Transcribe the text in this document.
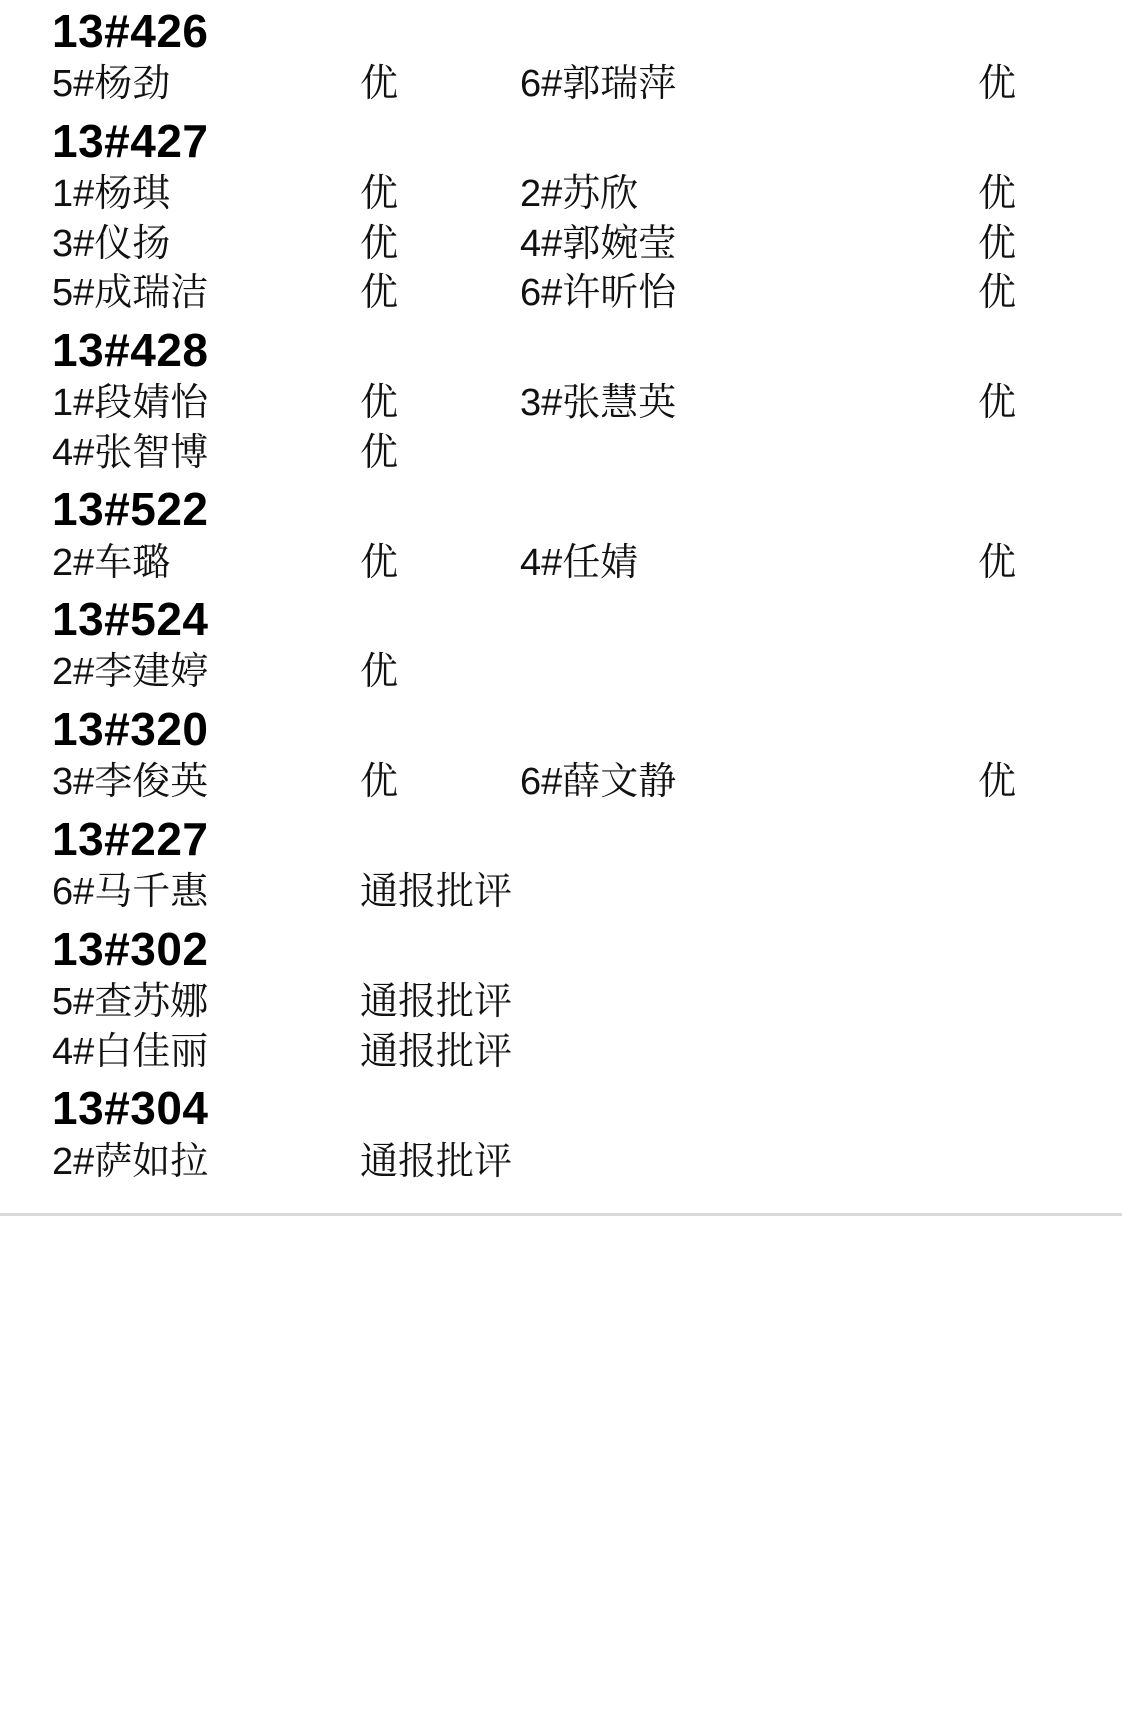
13#426
5#杨劲	优	6#郭瑞萍	优
13#427
1#杨琪	优	2#苏欣	优
3#仪扬	优	4#郭婉莹	优
5#成瑞洁	优	6#许昕怡	优
13#428
1#段婧怡	优	3#张慧英	优
4#张智博	优
13#522
2#车璐	优	4#任婧	优
13#524
2#李建婷	优
13#320
3#李俊英	优	6#薛文静	优
13#227
6#马千惠	通报批评
13#302
5#查苏娜	通报批评
4#白佳丽	通报批评
13#304
2#萨如拉	通报批评
